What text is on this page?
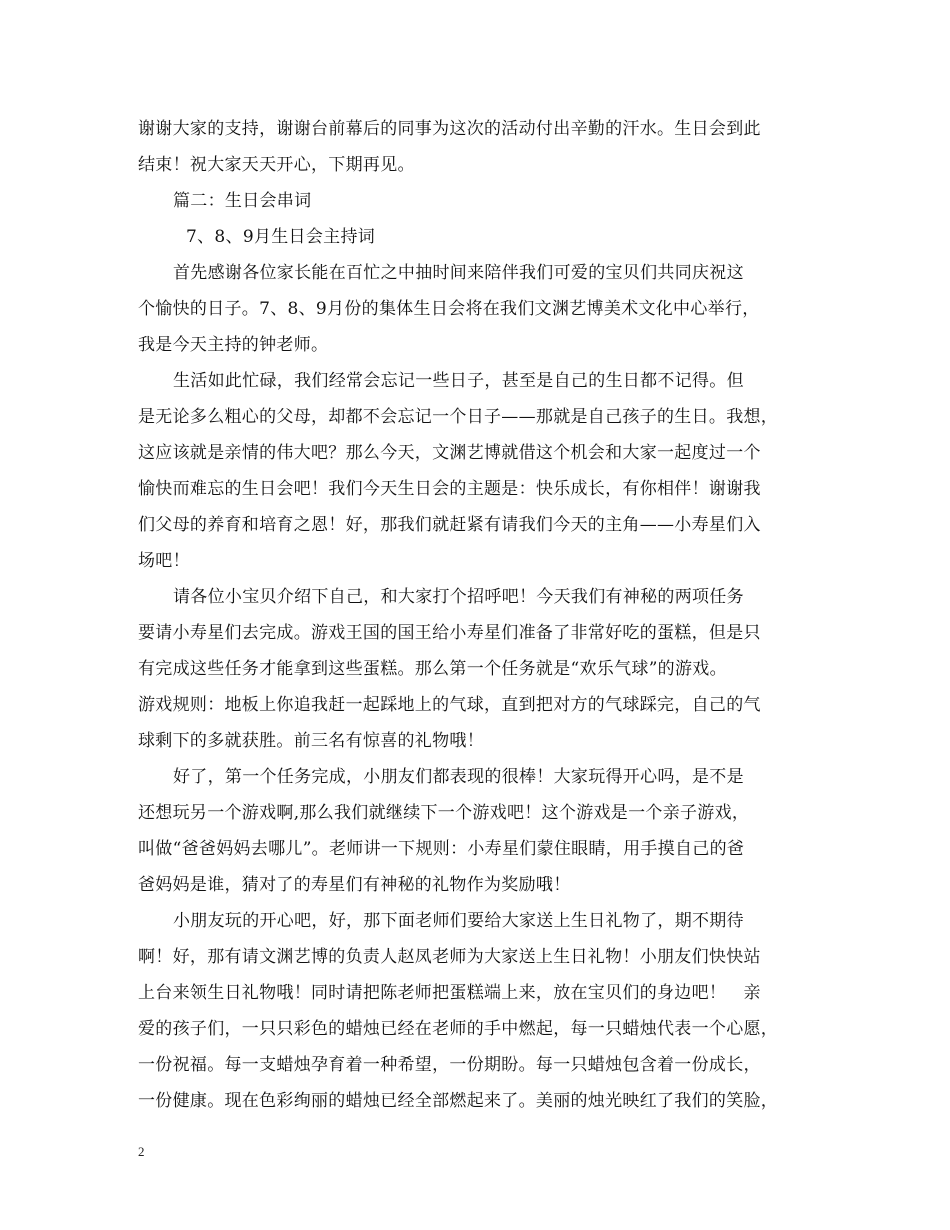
谢谢大家的支持，谢谢台前幕后的同事为这次的活动付出辛勤的汗水。生日会到此
结束！祝大家天天开心，下期再见。
篇二：生日会串词
7、8、9月生日会主持词
首先感谢各位家长能在百忙之中抽时间来陪伴我们可爱的宝贝们共同庆祝这
个愉快的日子。7、8、9月份的集体生日会将在我们文渊艺博美术文化中心举行，
我是今天主持的钟老师。
生活如此忙碌，我们经常会忘记一些日子，甚至是自己的生日都不记得。但
是无论多么粗心的父母，却都不会忘记一个日子——那就是自己孩子的生日。我想，
这应该就是亲情的伟大吧？那么今天，文渊艺博就借这个机会和大家一起度过一个
愉快而难忘的生日会吧！我们今天生日会的主题是：快乐成长，有你相伴！谢谢我
们父母的养育和培育之恩！好，那我们就赶紧有请我们今天的主角——小寿星们入
场吧！
请各位小宝贝介绍下自己，和大家打个招呼吧！今天我们有神秘的两项任务
要请小寿星们去完成。游戏王国的国王给小寿星们准备了非常好吃的蛋糕，但是只
有完成这些任务才能拿到这些蛋糕。那么第一个任务就是“欢乐气球”的游戏。
游戏规则：地板上你追我赶一起踩地上的气球，直到把对方的气球踩完，自己的气
球剩下的多就获胜。前三名有惊喜的礼物哦！
好了，第一个任务完成，小朋友们都表现的很棒！大家玩得开心吗，是不是
还想玩另一个游戏啊,那么我们就继续下一个游戏吧！这个游戏是一个亲子游戏，
叫做“爸爸妈妈去哪儿”。老师讲一下规则：小寿星们蒙住眼睛，用手摸自己的爸
爸妈妈是谁，猜对了的寿星们有神秘的礼物作为奖励哦！
小朋友玩的开心吧，好，那下面老师们要给大家送上生日礼物了，期不期待
啊！好，那有请文渊艺博的负责人赵凤老师为大家送上生日礼物！小朋友们快快站
上台来领生日礼物哦！同时请把陈老师把蛋糕端上来，放在宝贝们的身边吧！　亲
爱的孩子们，一只只彩色的蜡烛已经在老师的手中燃起，每一只蜡烛代表一个心愿，
一份祝福。每一支蜡烛孕育着一种希望，一份期盼。每一只蜡烛包含着一份成长，
一份健康。现在色彩绚丽的蜡烛已经全部燃起来了。美丽的烛光映红了我们的笑脸，
2
